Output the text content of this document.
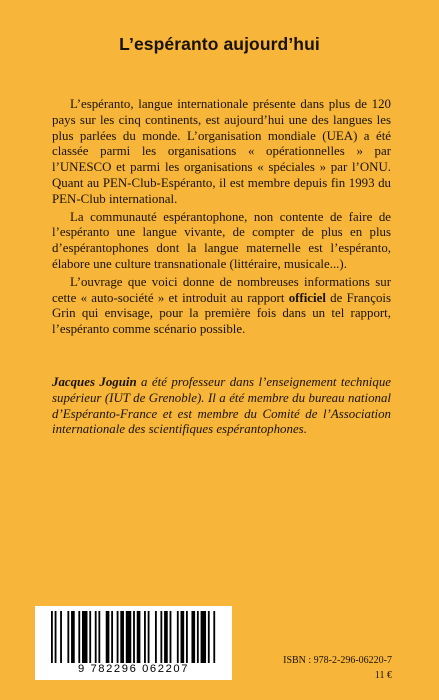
L’espéranto aujourd’hui

L’espéranto, langue internationale présente dans plus de 120 pays sur les cinq continents, est aujourd’hui une des langues les plus parlées du monde. L’organisation mondiale (UEA) a été classée parmi les organisations « opérationnelles » par l’UNESCO et parmi les organisations « spéciales » par l’ONU. Quant au PEN-Club-Espéranto, il est membre depuis fin 1993 du PEN-Club international.

La communauté espérantophone, non contente de faire de l’espéranto une langue vivante, de compter de plus en plus d’espérantophones dont la langue maternelle est l’espéranto, élabore une culture transnationale (littéraire, musicale...).

L’ouvrage que voici donne de nombreuses informations sur cette « auto-société » et introduit au rapport officiel de François Grin qui envisage, pour la première fois dans un tel rapport, l’espéranto comme scénario possible.

Jacques Joguin a été professeur dans l’enseignement technique supérieur (IUT de Grenoble). Il a été membre du bureau national d’Espéranto-France et est membre du Comité de l’Association internationale des scientifiques espérantophones.

9 782296 062207
ISBN : 978-2-296-06220-7
11 €
